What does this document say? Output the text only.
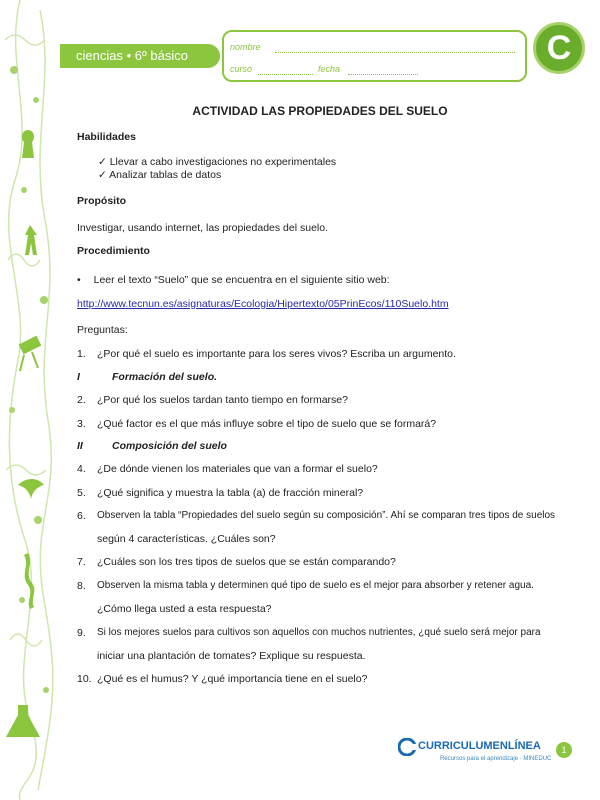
ciencias • 6º básico
nombre
curso	fecha
C
ACTIVIDAD LAS PROPIEDADES DEL SUELO
Habilidades
✓ Llevar a cabo investigaciones no experimentales
✓ Analizar tablas de datos
Propósito
Investigar, usando internet, las propiedades del suelo.
Procedimiento
• Leer el texto “Suelo” que se encuentra en el siguiente sitio web:
http://www.tecnun.es/asignaturas/Ecologia/Hipertexto/05PrinEcos/110Suelo.htm
Preguntas:
1. ¿Por qué el suelo es importante para los seres vivos? Escriba un argumento.
I	Formación del suelo.
2. ¿Por qué los suelos tardan tanto tiempo en formarse?
3. ¿Qué factor es el que más influye sobre el tipo de suelo que se formará?
II	Composición del suelo
4. ¿De dónde vienen los materiales que van a formar el suelo?
5. ¿Qué significa y muestra la tabla (a) de fracción mineral?
6. Observen la tabla “Propiedades del suelo según su composición”. Ahí se comparan tres tipos de suelos
según 4 características. ¿Cuáles son?
7. ¿Cuáles son los tres tipos de suelos que se están comparando?
8. Observen la misma tabla y determinen qué tipo de suelo es el mejor para absorber y retener agua.
¿Cómo llega usted a esta respuesta?
9. Si los mejores suelos para cultivos son aquellos con muchos nutrientes, ¿qué suelo será mejor para
iniciar una plantación de tomates? Explique su respuesta.
10. ¿Qué es el humus? Y ¿qué importancia tiene en el suelo?
CURRICULUMENLÍNEA
Recursos para el aprendizaje · MINEDUC
1
